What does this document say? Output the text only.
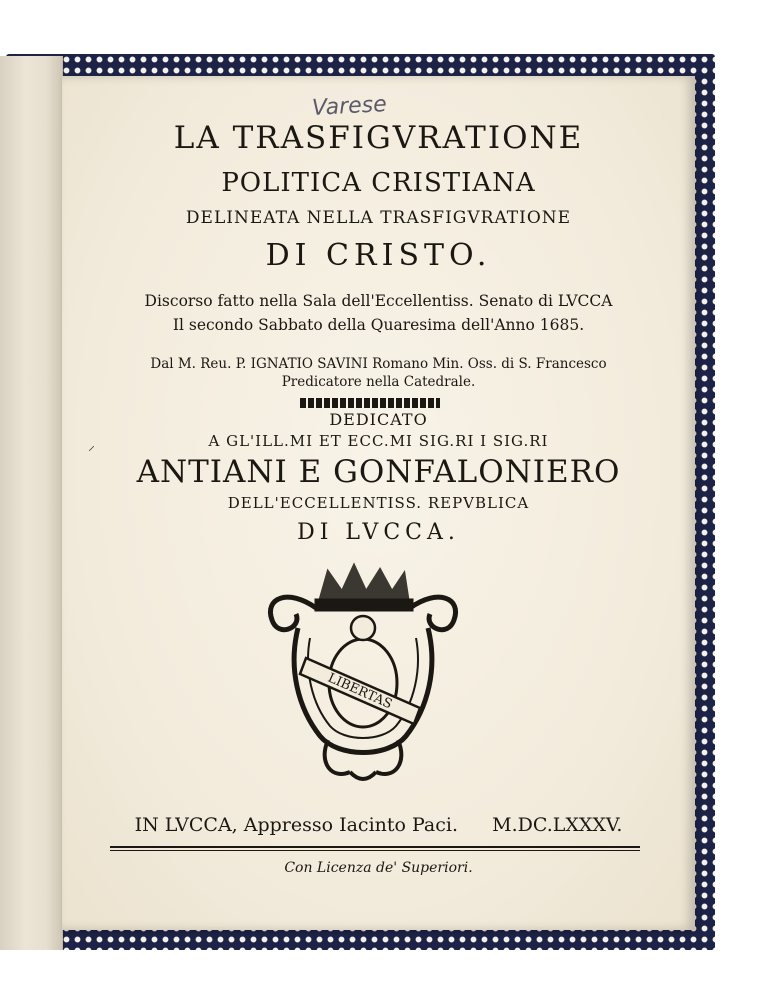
Varese
LA TRASFIGVRATIONE
POLITICA CRISTIANA
DELINEATA NELLA TRASFIGVRATIONE
DI CRISTO.
Discorso fatto nella Sala dell'Eccellentiss. Senato di LVCCA
Il secondo Sabbato della Quaresima dell'Anno 1685.
Dal M. Reu. P. IGNATIO SAVINI Romano Min. Oss. di S. Francesco
Predicatore nella Catedrale.
⸝
DEDICATO
A GL'ILL.MI ET ECC.MI SIG.RI I SIG.RI
ANTIANI E GONFALONIERO
DELL'ECCELLENTISS. REPVBLICA
DI LVCCA.
LIBERTAS
IN LVCCA, Appresso Iacinto Paci. M.DC.LXXXV.
Con Licenza de' Superiori.
